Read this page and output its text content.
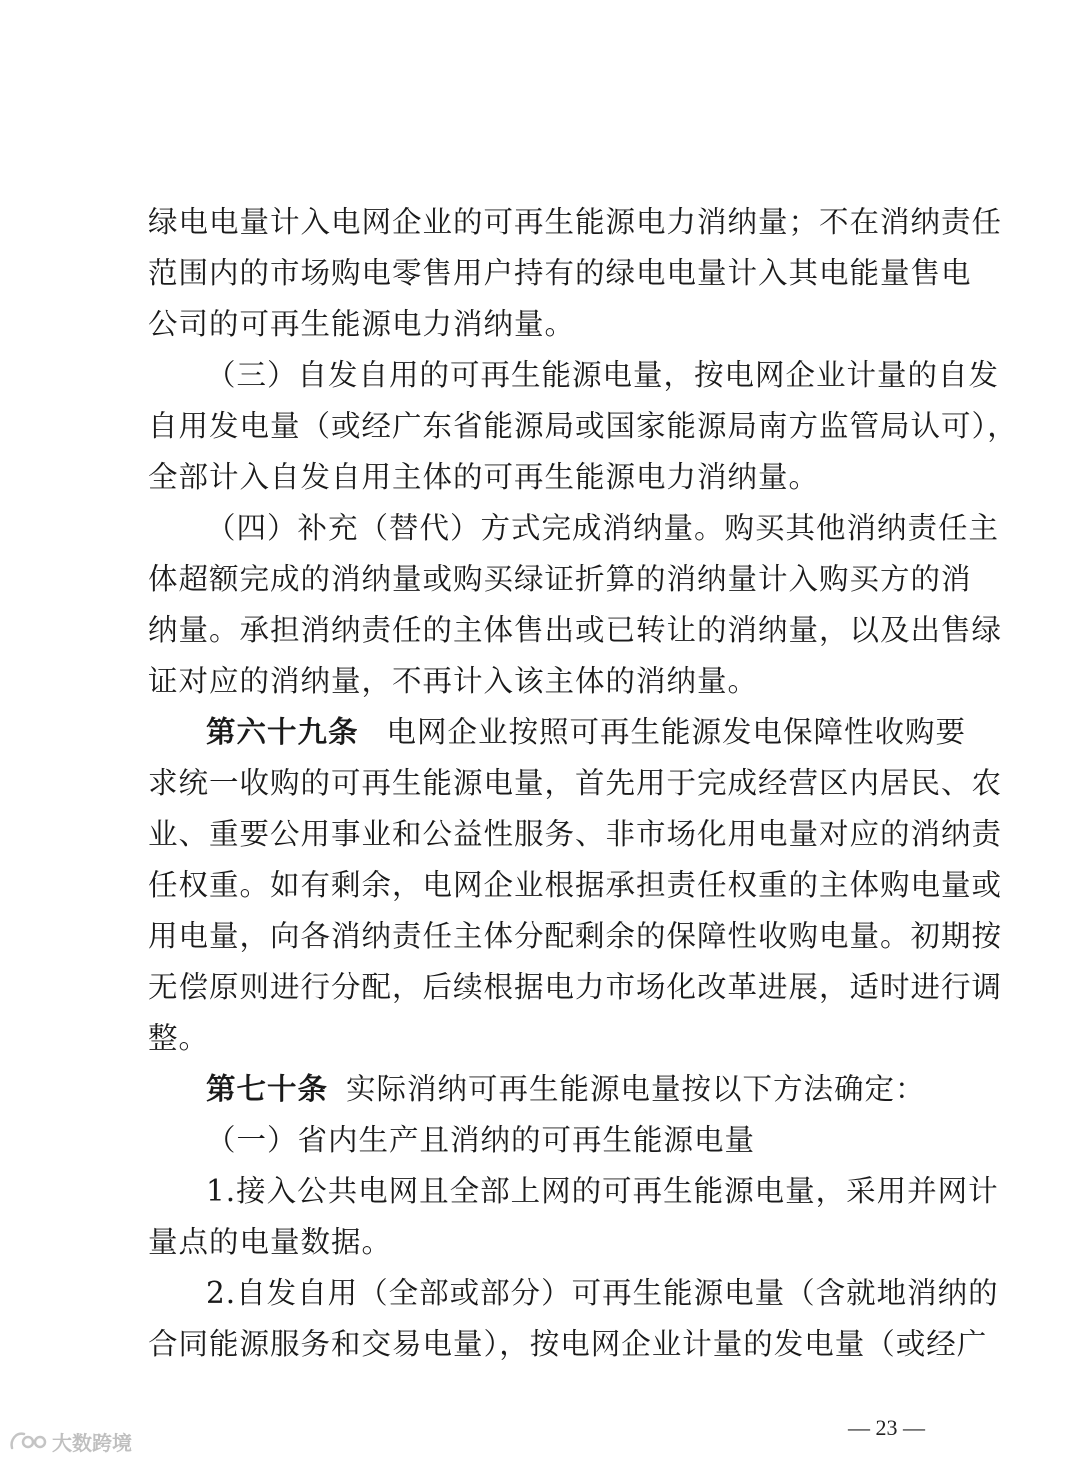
绿电电量计入电网企业的可再生能源电力消纳量；不在消纳责任
范围内的市场购电零售用户持有的绿电电量计入其电能量售电
公司的可再生能源电力消纳量。
（三）自发自用的可再生能源电量，按电网企业计量的自发
自用发电量（或经广东省能源局或国家能源局南方监管局认可），
全部计入自发自用主体的可再生能源电力消纳量。
（四）补充（替代）方式完成消纳量。购买其他消纳责任主
体超额完成的消纳量或购买绿证折算的消纳量计入购买方的消
纳量。承担消纳责任的主体售出或已转让的消纳量，以及出售绿
证对应的消纳量，不再计入该主体的消纳量。
第六十九条 电网企业按照可再生能源发电保障性收购要
求统一收购的可再生能源电量，首先用于完成经营区内居民、农
业、重要公用事业和公益性服务、非市场化用电量对应的消纳责
任权重。如有剩余，电网企业根据承担责任权重的主体购电量或
用电量，向各消纳责任主体分配剩余的保障性收购电量。初期按
无偿原则进行分配，后续根据电力市场化改革进展，适时进行调
整。
第七十条 实际消纳可再生能源电量按以下方法确定：
（一）省内生产且消纳的可再生能源电量
1.接入公共电网且全部上网的可再生能源电量，采用并网计
量点的电量数据。
2.自发自用（全部或部分）可再生能源电量（含就地消纳的
合同能源服务和交易电量），按电网企业计量的发电量（或经广
— 23 —
大数跨境
